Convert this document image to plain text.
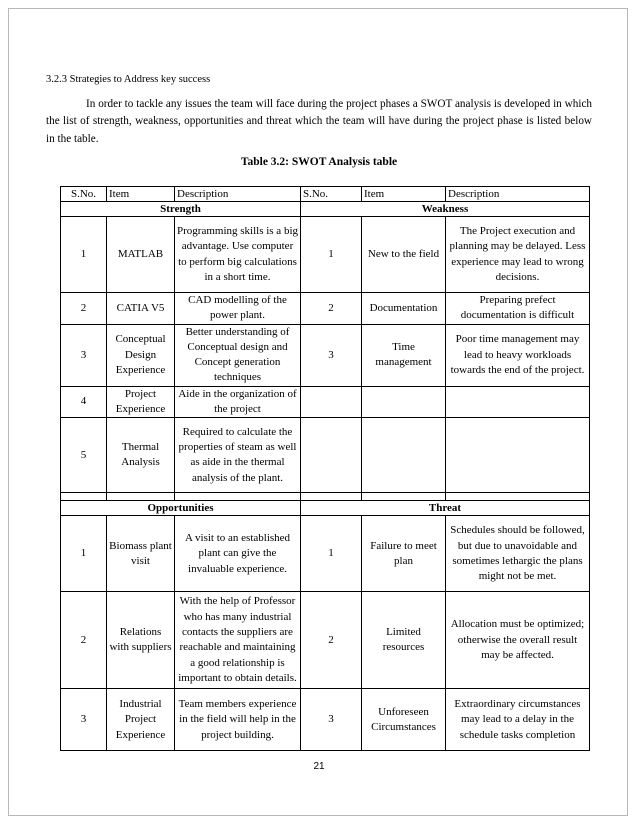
3.2.3 Strategies to Address key success

In order to tackle any issues the team will face during the project phases a SWOT analysis is developed in which the list of strength, weakness, opportunities and threat which the team will have during the project phase is listed below in the table.

Table 3.2: SWOT Analysis table
S.No.	Item	Description	S.No.	Item	Description
Strength			Weakness		
1	MATLAB	Programming skills is a big advantage. Use computer to perform big calculations in a short time.	1	New to the field	The Project execution and planning may be delayed. Less experience may lead to wrong decisions.
2	CATIA V5	CAD modelling of the power plant.	2	Documentation	Preparing prefect documentation is difficult
3	Conceptual Design Experience	Better understanding of Conceptual design and Concept generation techniques	3	Time management	Poor time management may lead to heavy workloads towards the end of the project.
4	Project Experience	Aide in the organization of the project			
5	Thermal Analysis	Required to calculate the properties of steam as well as aide in the thermal analysis of the plant.			

Opportunities			Threat		
1	Biomass plant visit	A visit to an established plant can give the invaluable experience.	1	Failure to meet plan	Schedules should be followed, but due to unavoidable and sometimes lethargic the plans might not be met.
2	Relations with suppliers	With the help of Professor who has many industrial contacts the suppliers are reachable and maintaining a good relationship is important to obtain details.	2	Limited resources	Allocation must be optimized; otherwise the overall result may be affected.
3	Industrial Project Experience	Team members experience in the field will help in the project building.	3	Unforeseen Circumstances	Extraordinary circumstances may lead to a delay in the schedule tasks completion
21
